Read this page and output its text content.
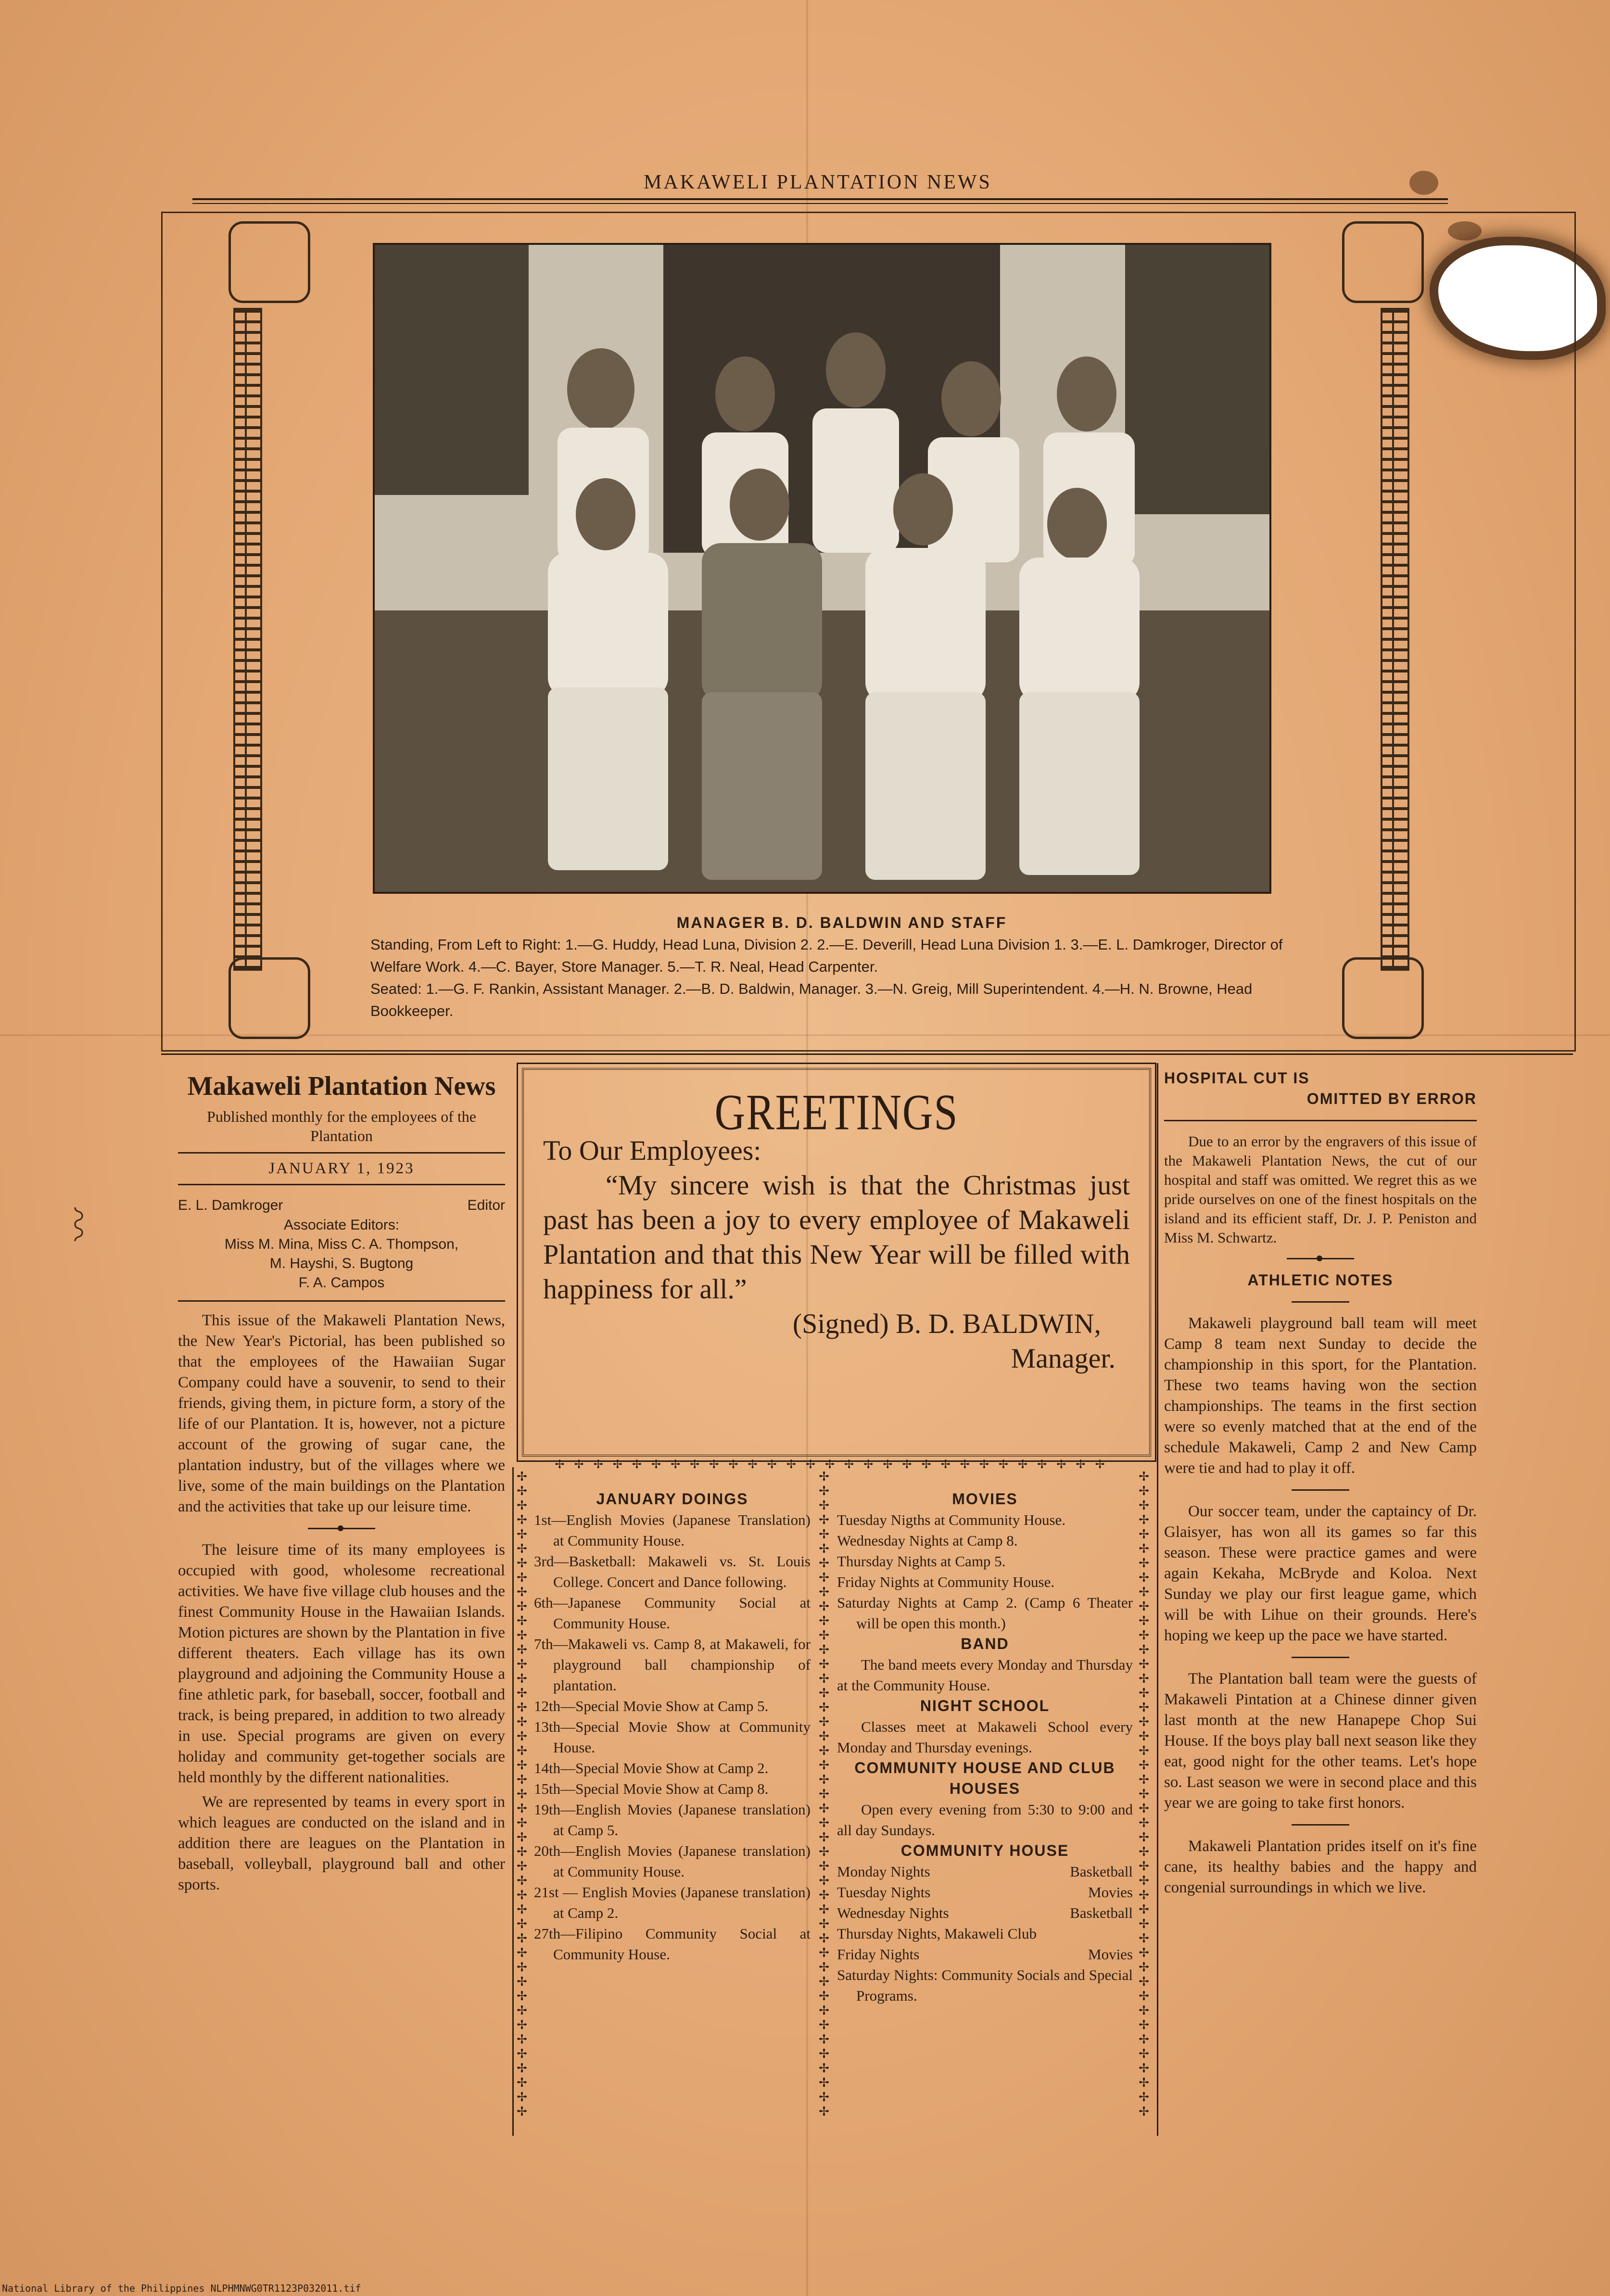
〰
MAKAWELI PLANTATION NEWS
MANAGER B. D. BALDWIN AND STAFF
Standing, From Left to Right: 1.—G. Huddy, Head Luna, Division 2. 2.—E. Deverill, Head Luna Division 1. 3.—E. L. Damkroger, Director of Welfare Work. 4.—C. Bayer, Store Manager. 5.—T. R. Neal, Head Carpenter.
Seated: 1.—G. F. Rankin, Assistant Manager. 2.—B. D. Baldwin, Manager. 3.—N. Greig, Mill Superintendent. 4.—H. N. Browne, Head Bookkeeper.
Makaweli Plantation News
Published monthly for the employees of the Plantation
JANUARY 1, 1923
E. L. Damkroger	Editor
Associate Editors:
Miss M. Mina, Miss C. A. Thompson,
M. Hayshi, S. Bugtong
F. A. Campos

This issue of the Makaweli Plantation News, the New Year's Pictorial, has been published so that the employees of the Hawaiian Sugar Company could have a souvenir, to send to their friends, giving them, in picture form, a story of the life of our Plantation. It is, however, not a picture account of the growing of sugar cane, the plantation industry, but of the villages where we live, some of the main buildings on the Plantation and the activities that take up our leisure time.

The leisure time of its many employees is occupied with good, wholesome recreational activities. We have five village club houses and the finest Community House in the Hawaiian Islands. Motion pictures are shown by the Plantation in five different theaters. Each village has its own playground and adjoining the Community House a fine athletic park, for baseball, soccer, football and track, is being prepared, in addition to two already in use. Special programs are given on every holiday and community get-together socials are held monthly by the different nationalities.

We are represented by teams in every sport in which leagues are conducted on the island and in addition there are leagues on the Plantation in baseball, volleyball, playground ball and other sports.

GREETINGS
To Our Employees:
“My sincere wish is that the Christmas just past has been a joy to every employee of Makaweli Plantation and that this New Year will be filled with happiness for all.”
(Signed) B. D. BALDWIN,
Manager.
✢
✢
✢
✢
✢
✢
✢
✢
✢
✢
✢
✢
✢
✢
✢
✢
✢
✢
✢
✢
✢
✢
✢
✢
✢
✢
✢
✢
✢
✢
✢
✢
✢
✢
✢
✢
✢
✢
✢
✢
✢
✢
✢
✢
✢
✢
✢
✢
✢
✢
✢
✢
✢
✢
✢
✢
✢
✢
✢
✢
✢
✢
✢
✢
✢
✢
✢
✢
✢
✢
✢
✢
✢
✢
✢
✢
✢
✢
✢
✢
✢
✢
✢
✢
✢
✢
✢
✢
✢
✢
✢
✢
✢
✢
✢
✢
✢
✢
✢
✢
✢
✢
✢
✢
✢
✢
✢
✢
✢
✢
✢
✢
✢
✢
✢
✢
✢
✢
✢
✢
✢
✢
✢
✢
✢
✢
✢
✢
✢
✢
✢
✢
✢
✢
✢
✢✢✢✢✢✢✢✢✢✢✢✢✢✢✢✢✢✢✢✢✢✢✢✢✢✢✢✢✢
JANUARY DOINGS

1st—English Movies (Japanese Translation) at Community House.

3rd—Basketball: Makaweli vs. St. Louis College. Concert and Dance following.

6th—Japanese Community Social at Community House.

7th—Makaweli vs. Camp 8, at Makaweli, for playground ball championship of plantation.

12th—Special Movie Show at Camp 5.

13th—Special Movie Show at Community House.

14th—Special Movie Show at Camp 2.

15th—Special Movie Show at Camp 8.

19th—English Movies (Japanese translation) at Camp 5.

20th—English Movies (Japanese translation) at Community House.

21st — English Movies (Japanese translation) at Camp 2.

27th—Filipino Community Social at Community House.

MOVIES

Tuesday Nigths at Community House.

Wednesday Nights at Camp 8.

Thursday Nights at Camp 5.

Friday Nights at Community House.

Saturday Nights at Camp 2. (Camp 6 Theater will be open this month.)

BAND

The band meets every Monday and Thursday at the Community House.

NIGHT SCHOOL

Classes meet at Makaweli School every Monday and Thursday evenings.

COMMUNITY HOUSE AND CLUB HOUSES

Open every evening from 5:30 to 9:00 and all day Sundays.

COMMUNITY HOUSE
Monday Nights	Basketball
Tuesday Nights	Movies
Wednesday Nights	Basketball
Thursday Nights, Makaweli Club
Friday Nights	Movies

Saturday Nights: Community Socials and Special Programs.

HOSPITAL CUT IS
OMITTED BY ERROR

Due to an error by the engravers of this issue of the Makaweli Plantation News, the cut of our hospital and staff was omitted. We regret this as we pride ourselves on one of the finest hospitals on the island and its efficient staff, Dr. J. P. Peniston and Miss M. Schwartz.

ATHLETIC NOTES

Makaweli playground ball team will meet Camp 8 team next Sunday to decide the championship in this sport, for the Plantation. These two teams having won the section championships. The teams in the first section were so evenly matched that at the end of the schedule Makaweli, Camp 2 and New Camp were tie and had to play it off.

Our soccer team, under the captaincy of Dr. Glaisyer, has won all its games so far this season. These were practice games and were again Kekaha, McBryde and Koloa. Next Sunday we play our first league game, which will be with Lihue on their grounds. Here's hoping we keep up the pace we have started.

The Plantation ball team were the guests of Makaweli Pintation at a Chinese dinner given last month at the new Hanapepe Chop Sui House. If the boys play ball next season like they eat, good night for the other teams. Let's hope so. Last season we were in second place and this year we are going to take first honors.

Makaweli Plantation prides itself on it's fine cane, its healthy babies and the happy and congenial surroundings in which we live.

National Library of the Philippines NLPHMNWG0TR1123P032011.tif
